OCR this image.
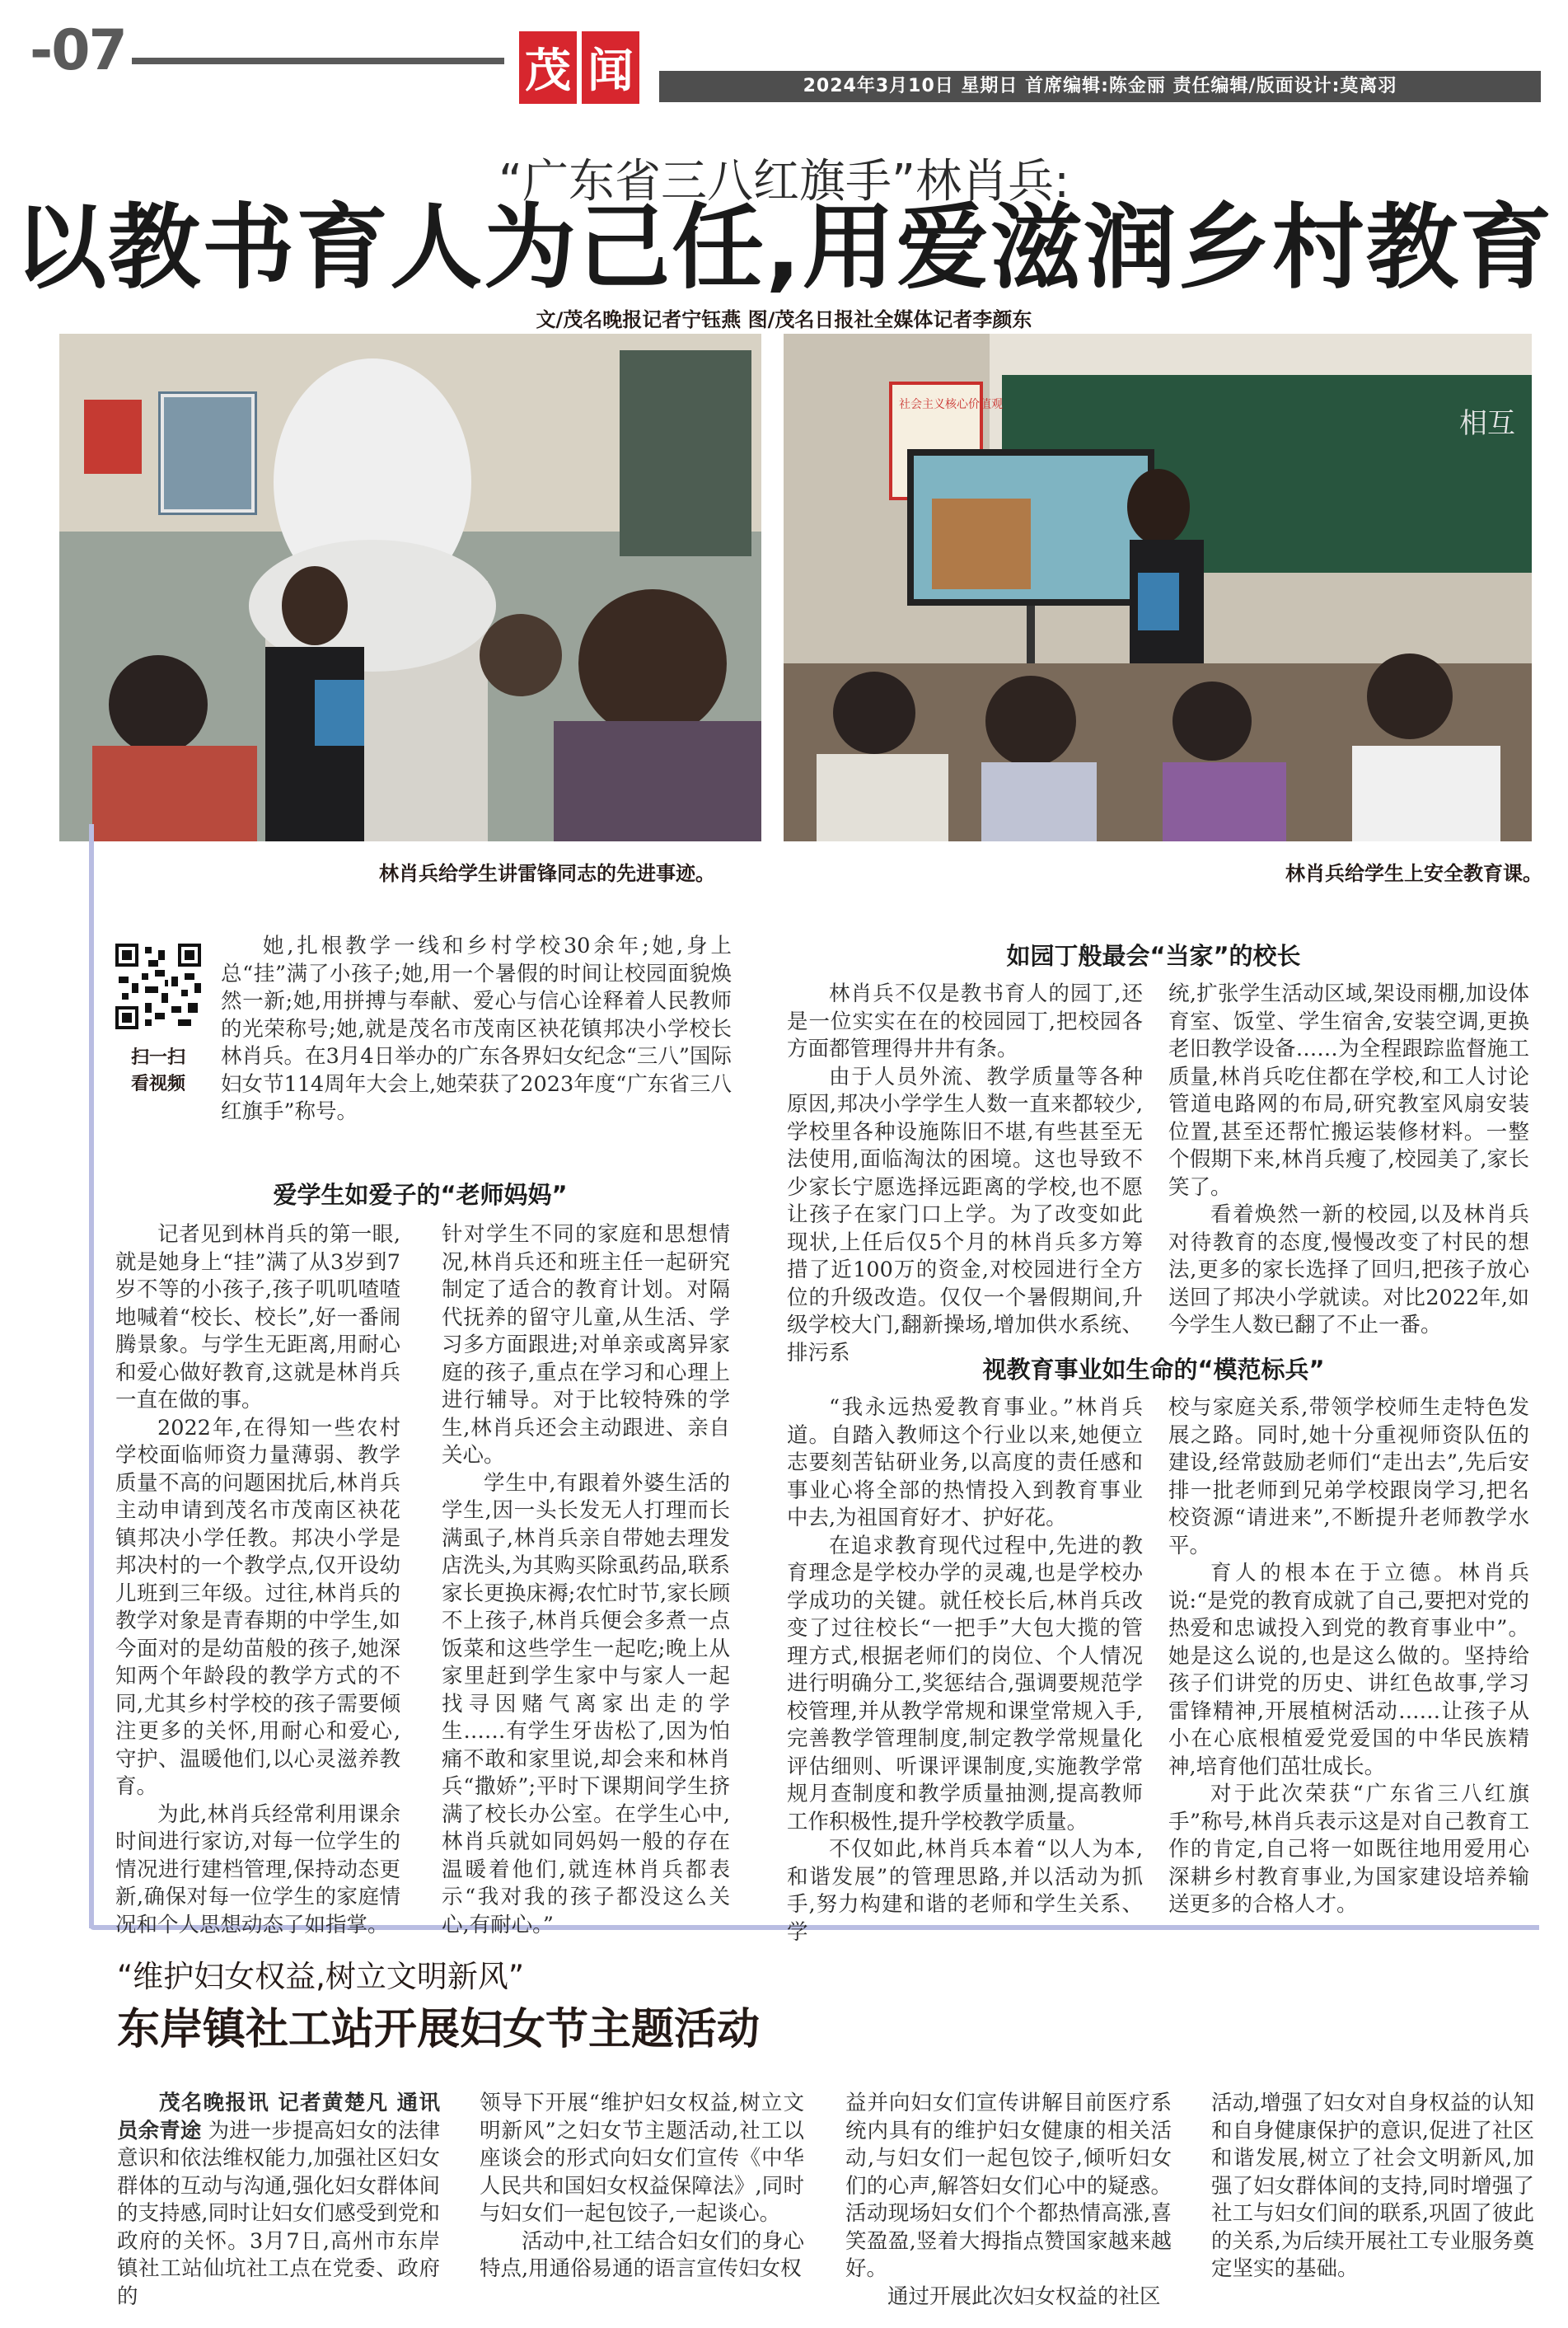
-07	茂 闻	2024年3月10日 星期日 首席编辑:陈金丽 责任编辑/版面设计:莫离羽
“广东省三八红旗手”林肖兵:
以教书育人为己任,用爱滋润乡村教育
文/茂名晚报记者宁钰燕 图/茂名日报社全媒体记者李颜东
相互
社会主义核心价值观
林肖兵给学生讲雷锋同志的先进事迹。	林肖兵给学生上安全教育课。
扫一扫
看视频

她,扎根教学一线和乡村学校30余年;她,身上总“挂”满了小孩子;她,用一个暑假的时间让校园面貌焕然一新;她,用拼搏与奉献、爱心与信心诠释着人民教师的光荣称号;她,就是茂名市茂南区袂花镇邦决小学校长林肖兵。在3月4日举办的广东各界妇女纪念“三八”国际妇女节114周年大会上,她荣获了2023年度“广东省三八红旗手”称号。

爱学生如爱子的“老师妈妈”

记者见到林肖兵的第一眼,就是她身上“挂”满了从3岁到7岁不等的小孩子,孩子叽叽喳喳地喊着“校长、校长”,好一番闹腾景象。与学生无距离,用耐心和爱心做好教育,这就是林肖兵一直在做的事。

2022年,在得知一些农村学校面临师资力量薄弱、教学质量不高的问题困扰后,林肖兵主动申请到茂名市茂南区袂花镇邦决小学任教。邦决小学是邦决村的一个教学点,仅开设幼儿班到三年级。过往,林肖兵的教学对象是青春期的中学生,如今面对的是幼苗般的孩子,她深知两个年龄段的教学方式的不同,尤其乡村学校的孩子需要倾注更多的关怀,用耐心和爱心,守护、温暖他们,以心灵滋养教育。

为此,林肖兵经常利用课余时间进行家访,对每一位学生的情况进行建档管理,保持动态更新,确保对每一位学生的家庭情况和个人思想动态了如指掌。

针对学生不同的家庭和思想情况,林肖兵还和班主任一起研究制定了适合的教育计划。对隔代抚养的留守儿童,从生活、学习多方面跟进;对单亲或离异家庭的孩子,重点在学习和心理上进行辅导。对于比较特殊的学生,林肖兵还会主动跟进、亲自关心。

学生中,有跟着外婆生活的学生,因一头长发无人打理而长满虱子,林肖兵亲自带她去理发店洗头,为其购买除虱药品,联系家长更换床褥;农忙时节,家长顾不上孩子,林肖兵便会多煮一点饭菜和这些学生一起吃;晚上从家里赶到学生家中与家人一起找寻因赌气离家出走的学生……有学生牙齿松了,因为怕痛不敢和家里说,却会来和林肖兵“撒娇”;平时下课期间学生挤满了校长办公室。在学生心中,林肖兵就如同妈妈一般的存在温暖着他们,就连林肖兵都表示“我对我的孩子都没这么关心,有耐心。”

如园丁般最会“当家”的校长

林肖兵不仅是教书育人的园丁,还是一位实实在在的校园园丁,把校园各方面都管理得井井有条。

由于人员外流、教学质量等各种原因,邦决小学学生人数一直来都较少,学校里各种设施陈旧不堪,有些甚至无法使用,面临淘汰的困境。这也导致不少家长宁愿选择远距离的学校,也不愿让孩子在家门口上学。为了改变如此现状,上任后仅5个月的林肖兵多方筹措了近100万的资金,对校园进行全方位的升级改造。仅仅一个暑假期间,升级学校大门,翻新操场,增加供水系统、排污系

统,扩张学生活动区域,架设雨棚,加设体育室、饭堂、学生宿舍,安装空调,更换老旧教学设备……为全程跟踪监督施工质量,林肖兵吃住都在学校,和工人讨论管道电路网的布局,研究教室风扇安装位置,甚至还帮忙搬运装修材料。一整个假期下来,林肖兵瘦了,校园美了,家长笑了。

看着焕然一新的校园,以及林肖兵对待教育的态度,慢慢改变了村民的想法,更多的家长选择了回归,把孩子放心送回了邦决小学就读。对比2022年,如今学生人数已翻了不止一番。

视教育事业如生命的“模范标兵”

“我永远热爱教育事业。”林肖兵道。自踏入教师这个行业以来,她便立志要刻苦钻研业务,以高度的责任感和事业心将全部的热情投入到教育事业中去,为祖国育好才、护好花。

在追求教育现代过程中,先进的教育理念是学校办学的灵魂,也是学校办学成功的关键。就任校长后,林肖兵改变了过往校长“一把手”大包大揽的管理方式,根据老师们的岗位、个人情况进行明确分工,奖惩结合,强调要规范学校管理,并从教学常规和课堂常规入手,完善教学管理制度,制定教学常规量化评估细则、听课评课制度,实施教学常规月查制度和教学质量抽测,提高教师工作积极性,提升学校教学质量。

不仅如此,林肖兵本着“以人为本,和谐发展”的管理思路,并以活动为抓手,努力构建和谐的老师和学生关系、学

校与家庭关系,带领学校师生走特色发展之路。同时,她十分重视师资队伍的建设,经常鼓励老师们“走出去”,先后安排一批老师到兄弟学校跟岗学习,把名校资源“请进来”,不断提升老师教学水平。

育人的根本在于立德。林肖兵说:“是党的教育成就了自己,要把对党的热爱和忠诚投入到党的教育事业中”。她是这么说的,也是这么做的。坚持给孩子们讲党的历史、讲红色故事,学习雷锋精神,开展植树活动……让孩子从小在心底根植爱党爱国的中华民族精神,培育他们茁壮成长。

对于此次荣获“广东省三八红旗手”称号,林肖兵表示这是对自己教育工作的肯定,自己将一如既往地用爱用心深耕乡村教育事业,为国家建设培养输送更多的合格人才。

“维护妇女权益,树立文明新风”
东岸镇社工站开展妇女节主题活动

茂名晚报讯 记者黄楚凡 通讯员余青途 为进一步提高妇女的法律意识和依法维权能力,加强社区妇女群体的互动与沟通,强化妇女群体间的支持感,同时让妇女们感受到党和政府的关怀。3月7日,高州市东岸镇社工站仙坑社工点在党委、政府的

领导下开展“维护妇女权益,树立文明新风”之妇女节主题活动,社工以座谈会的形式向妇女们宣传《中华人民共和国妇女权益保障法》,同时与妇女们一起包饺子,一起谈心。

活动中,社工结合妇女们的身心特点,用通俗易通的语言宣传妇女权

益并向妇女们宣传讲解目前医疗系统内具有的维护妇女健康的相关活动,与妇女们一起包饺子,倾听妇女们的心声,解答妇女们心中的疑惑。活动现场妇女们个个都热情高涨,喜笑盈盈,竖着大拇指点赞国家越来越好。

通过开展此次妇女权益的社区

活动,增强了妇女对自身权益的认知和自身健康保护的意识,促进了社区和谐发展,树立了社会文明新风,加强了妇女群体间的支持,同时增强了社工与妇女们间的联系,巩固了彼此的关系,为后续开展社工专业服务奠定坚实的基础。
